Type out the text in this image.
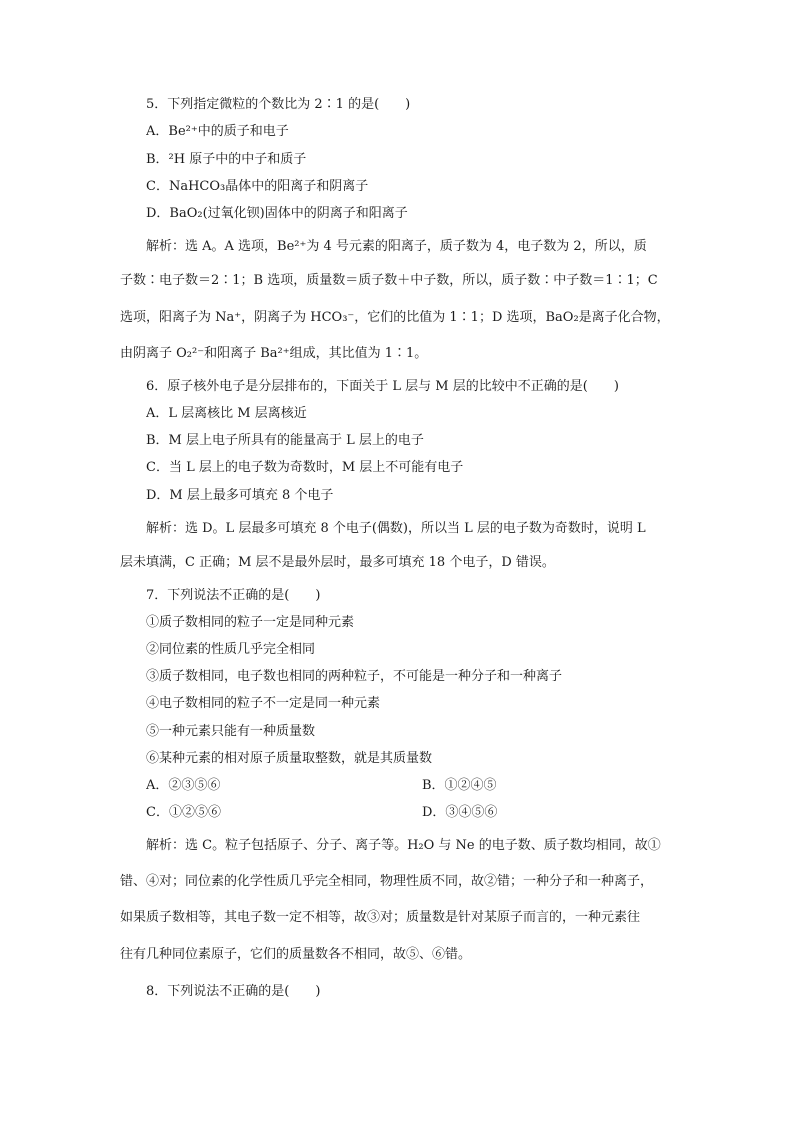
5．下列指定微粒的个数比为 2∶1 的是(　　)
A．Be²⁺中的质子和电子
B．²H 原子中的中子和质子
C．NaHCO₃晶体中的阳离子和阴离子
D．BaO₂(过氧化钡)固体中的阴离子和阳离子
解析：选 A。A 选项，Be²⁺为 4 号元素的阳离子，质子数为 4，电子数为 2，所以，质
子数∶电子数＝2∶1；B 选项，质量数＝质子数＋中子数，所以，质子数∶中子数＝1∶1；C
选项，阳离子为 Na⁺，阴离子为 HCO₃⁻，它们的比值为 1∶1；D 选项，BaO₂是离子化合物，
由阴离子 O₂²⁻和阳离子 Ba²⁺组成，其比值为 1∶1。
6．原子核外电子是分层排布的，下面关于 L 层与 M 层的比较中不正确的是(　　)
A．L 层离核比 M 层离核近
B．M 层上电子所具有的能量高于 L 层上的电子
C．当 L 层上的电子数为奇数时，M 层上不可能有电子
D．M 层上最多可填充 8 个电子
解析：选 D。L 层最多可填充 8 个电子(偶数)，所以当 L 层的电子数为奇数时，说明 L
层未填满，C 正确；M 层不是最外层时，最多可填充 18 个电子，D 错误。
7．下列说法不正确的是(　　)
①质子数相同的粒子一定是同种元素
②同位素的性质几乎完全相同
③质子数相同，电子数也相同的两种粒子，不可能是一种分子和一种离子
④电子数相同的粒子不一定是同一种元素
⑤一种元素只能有一种质量数
⑥某种元素的相对原子质量取整数，就是其质量数
A．②③⑤⑥	B．①②④⑤
C．①②⑤⑥	D．③④⑤⑥
解析：选 C。粒子包括原子、分子、离子等。H₂O 与 Ne 的电子数、质子数均相同，故①
错、④对；同位素的化学性质几乎完全相同，物理性质不同，故②错；一种分子和一种离子，
如果质子数相等，其电子数一定不相等，故③对；质量数是针对某原子而言的，一种元素往
往有几种同位素原子，它们的质量数各不相同，故⑤、⑥错。
8．下列说法不正确的是(　　)
